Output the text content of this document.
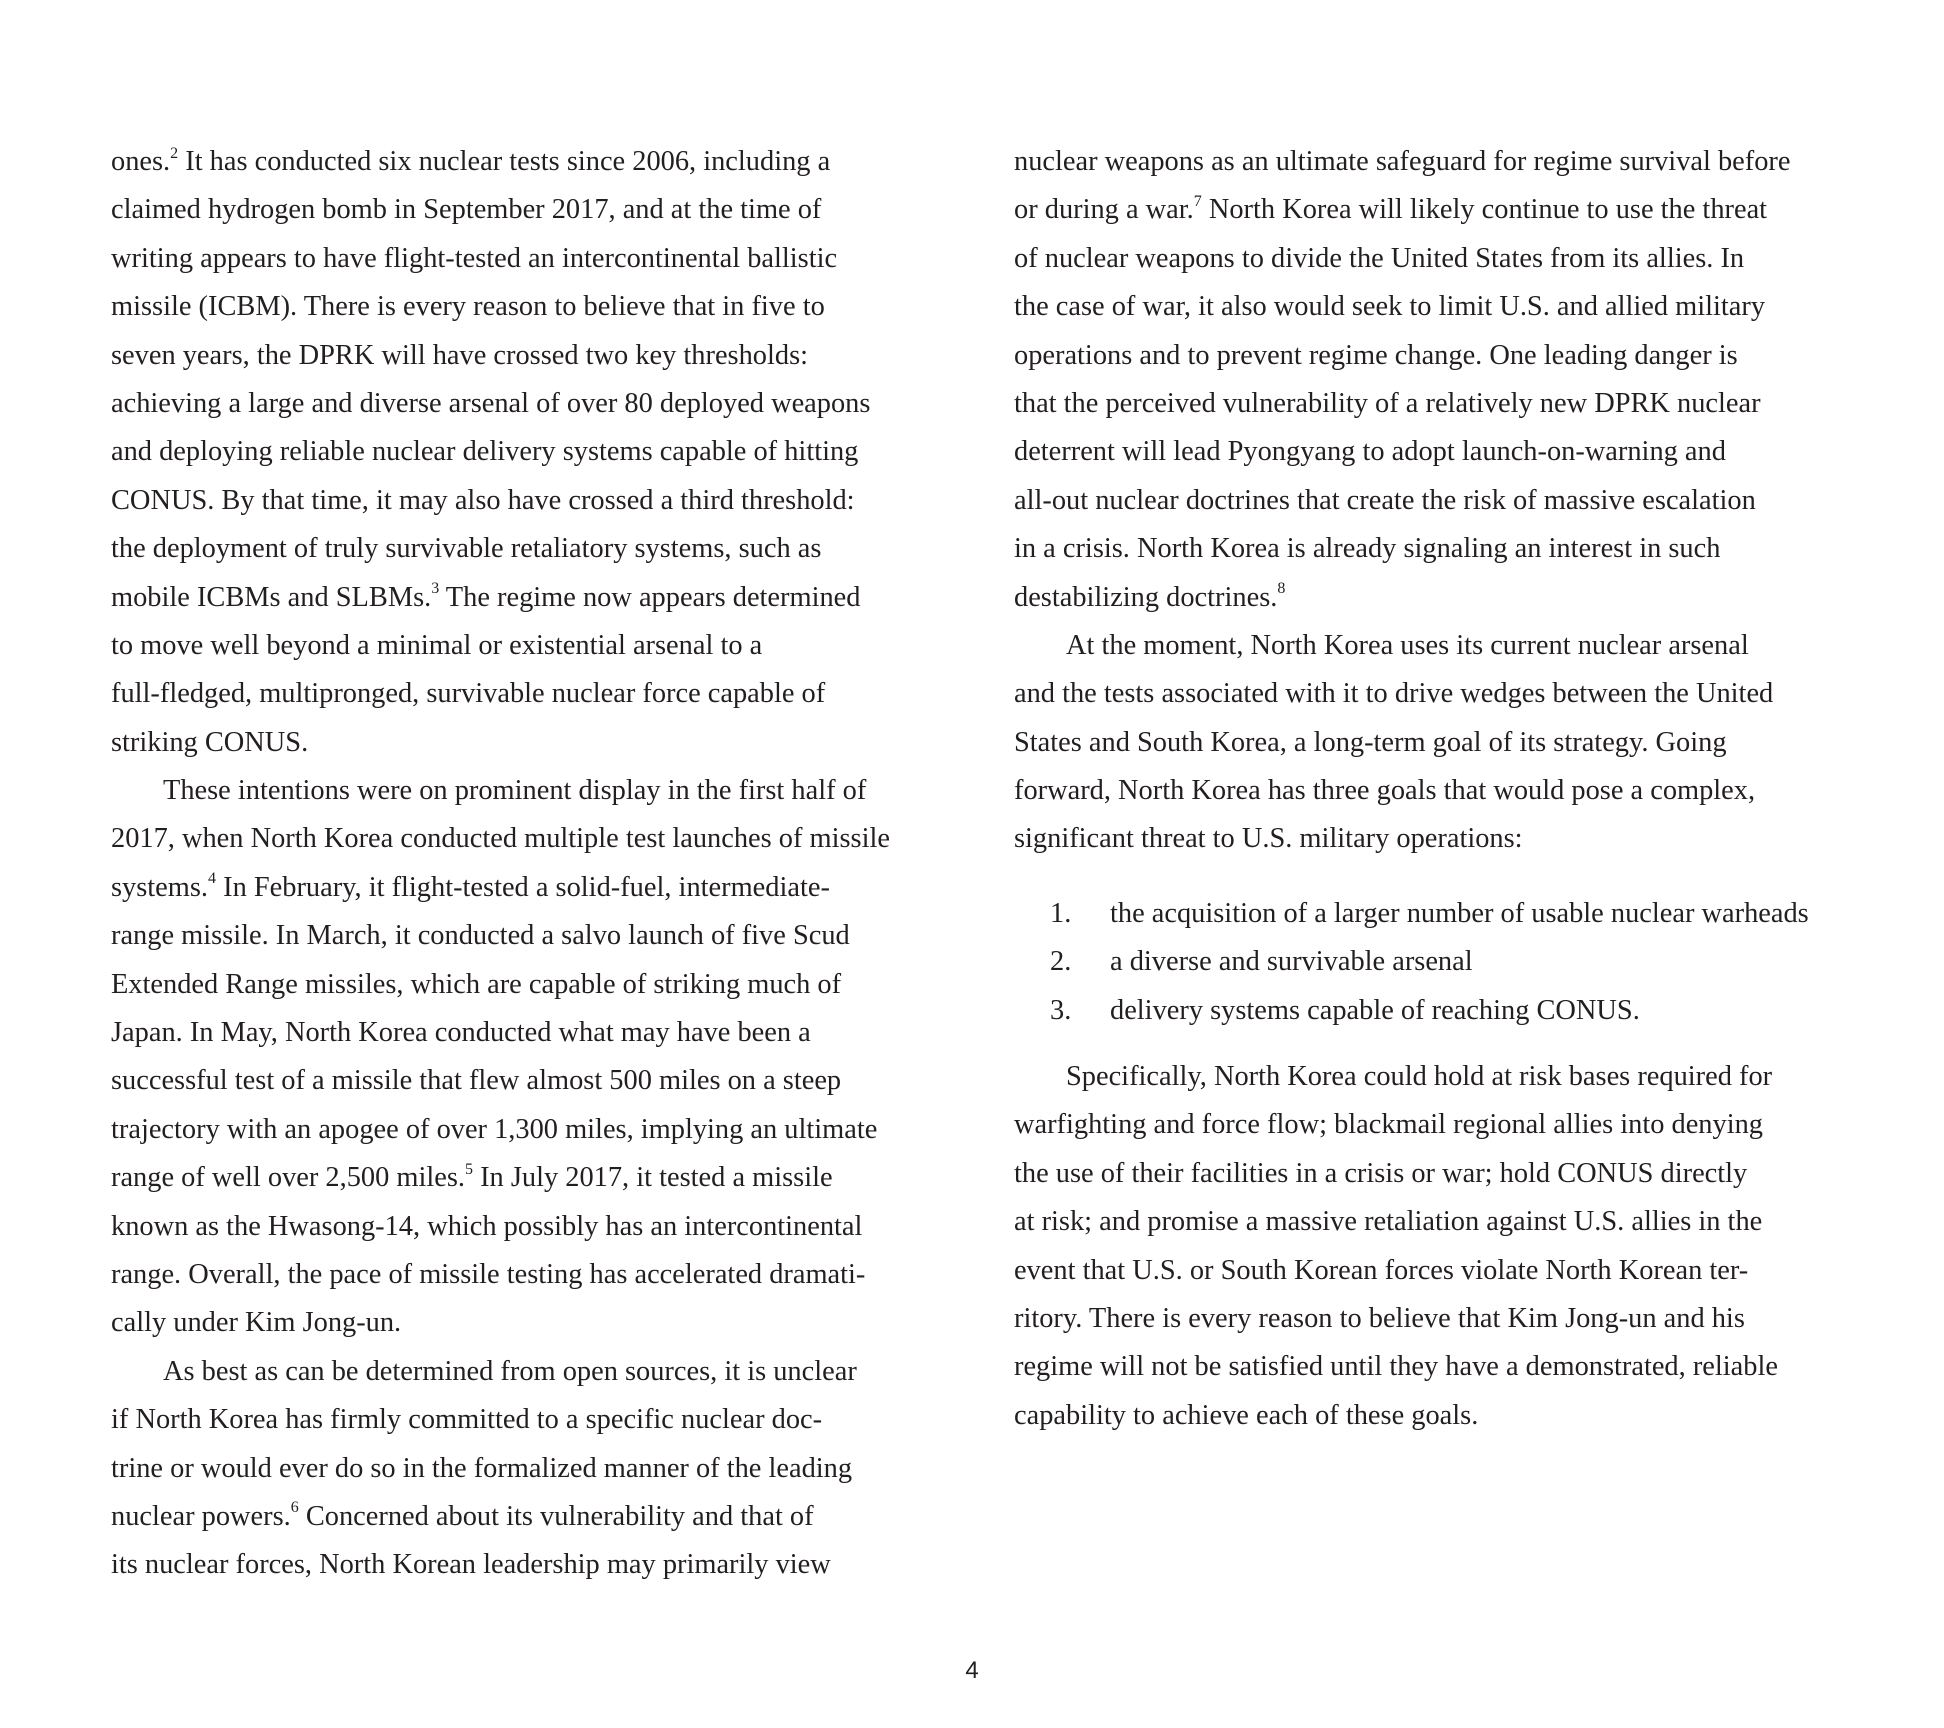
ones.$^2$ It has conducted six nuclear tests since 2006, including a
claimed hydrogen bomb in September 2017, and at the time of
writing appears to have flight-tested an intercontinental ballistic
missile (ICBM). There is every reason to believe that in five to
seven years, the DPRK will have crossed two key thresholds:
achieving a large and diverse arsenal of over 80 deployed weapons
and deploying reliable nuclear delivery systems capable of hitting
CONUS. By that time, it may also have crossed a third threshold:
the deployment of truly survivable retaliatory systems, such as
mobile ICBMs and SLBMs.$^3$ The regime now appears determined
to move well beyond a minimal or existential arsenal to a
full-fledged, multipronged, survivable nuclear force capable of
striking CONUS.
These intentions were on prominent display in the first half of
2017, when North Korea conducted multiple test launches of missile
systems.$^4$ In February, it flight-tested a solid-fuel, intermediate-
range missile. In March, it conducted a salvo launch of five Scud
Extended Range missiles, which are capable of striking much of
Japan. In May, North Korea conducted what may have been a
successful test of a missile that flew almost 500 miles on a steep
trajectory with an apogee of over 1,300 miles, implying an ultimate
range of well over 2,500 miles.$^5$ In July 2017, it tested a missile
known as the Hwasong-14, which possibly has an intercontinental
range. Overall, the pace of missile testing has accelerated dramati-
cally under Kim Jong-un.
As best as can be determined from open sources, it is unclear
if North Korea has firmly committed to a specific nuclear doc-
trine or would ever do so in the formalized manner of the leading
nuclear powers.$^6$ Concerned about its vulnerability and that of
its nuclear forces, North Korean leadership may primarily view
nuclear weapons as an ultimate safeguard for regime survival before
or during a war.$^7$ North Korea will likely continue to use the threat
of nuclear weapons to divide the United States from its allies. In
the case of war, it also would seek to limit U.S. and allied military
operations and to prevent regime change. One leading danger is
that the perceived vulnerability of a relatively new DPRK nuclear
deterrent will lead Pyongyang to adopt launch-on-warning and
all-out nuclear doctrines that create the risk of massive escalation
in a crisis. North Korea is already signaling an interest in such
destabilizing doctrines.$^8$
At the moment, North Korea uses its current nuclear arsenal
and the tests associated with it to drive wedges between the United
States and South Korea, a long-term goal of its strategy. Going
forward, North Korea has three goals that would pose a complex,
significant threat to U.S. military operations:
1. the acquisition of a larger number of usable nuclear warheads
2. a diverse and survivable arsenal
3. delivery systems capable of reaching CONUS.
Specifically, North Korea could hold at risk bases required for
warfighting and force flow; blackmail regional allies into denying
the use of their facilities in a crisis or war; hold CONUS directly
at risk; and promise a massive retaliation against U.S. allies in the
event that U.S. or South Korean forces violate North Korean ter-
ritory. There is every reason to believe that Kim Jong-un and his
regime will not be satisfied until they have a demonstrated, reliable
capability to achieve each of these goals.
4
